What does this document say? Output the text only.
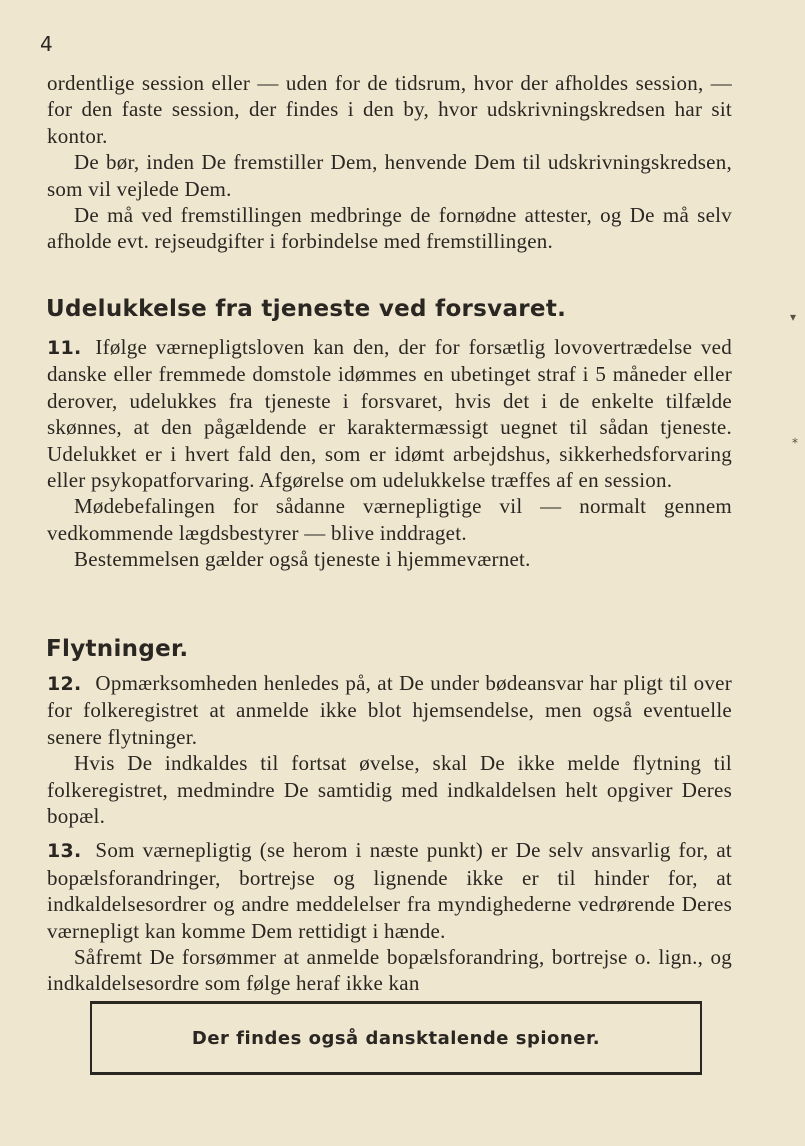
4

ordentlige session eller — uden for de tidsrum, hvor der afholdes session, — for den faste session, der findes i den by, hvor udskrivningskredsen har sit kontor.

De bør, inden De fremstiller Dem, henvende Dem til udskrivningskredsen, som vil vejlede Dem.

De må ved fremstillingen medbringe de fornødne attester, og De må selv afholde evt. rejseudgifter i forbindelse med fremstillingen.

Udelukkelse fra tjeneste ved forsvaret.

11. Ifølge værnepligtsloven kan den, der for forsætlig lovovertrædelse ved danske eller fremmede domstole idømmes en ubetinget straf i 5 måneder eller derover, udelukkes fra tjeneste i forsvaret, hvis det i de enkelte tilfælde skønnes, at den pågældende er karaktermæssigt uegnet til sådan tjeneste. Udelukket er i hvert fald den, som er idømt arbejdshus, sikkerhedsforvaring eller psykopatforvaring. Afgørelse om udelukkelse træffes af en session.

Mødebefalingen for sådanne værnepligtige vil — normalt gennem vedkommende lægdsbestyrer — blive inddraget.

Bestemmelsen gælder også tjeneste i hjemmeværnet.

Flytninger.

12. Opmærksomheden henledes på, at De under bødeansvar har pligt til over for folkeregistret at anmelde ikke blot hjemsendelse, men også eventuelle senere flytninger.

Hvis De indkaldes til fortsat øvelse, skal De ikke melde flytning til folkeregistret, medmindre De samtidig med indkaldelsen helt opgiver Deres bopæl.

13. Som værnepligtig (se herom i næste punkt) er De selv ansvarlig for, at bopælsforandringer, bortrejse og lignende ikke er til hinder for, at indkaldelsesordrer og andre meddelelser fra myndighederne vedrørende Deres værnepligt kan komme Dem rettidigt i hænde.

Såfremt De forsømmer at anmelde bopælsforandring, bortrejse o. lign., og indkaldelsesordre som følge heraf ikke kan

Der findes også dansktalende spioner.
▾
⁎
